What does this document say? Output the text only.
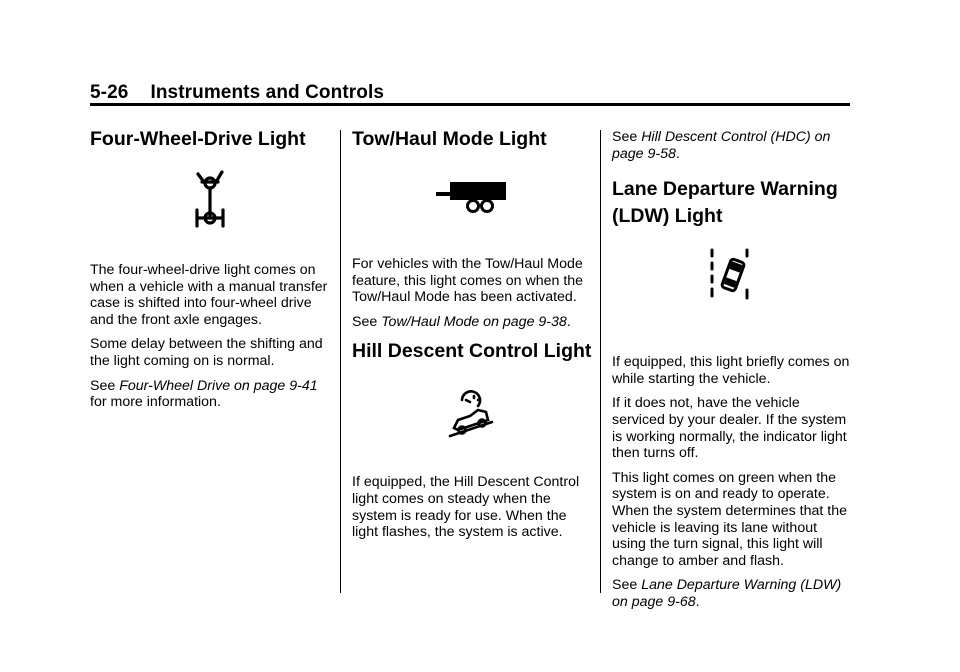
5-26 Instruments and Controls
Four-Wheel-Drive Light

The four-wheel-drive light comes on when a vehicle with a manual transfer case is shifted into four-wheel drive and the front axle engages.

Some delay between the shifting and the light coming on is normal.

See Four-Wheel Drive on page 9-41 for more information.

Tow/Haul Mode Light

For vehicles with the Tow/Haul Mode feature, this light comes on when the Tow/Haul Mode has been activated.

See Tow/Haul Mode on page 9-38.

Hill Descent Control Light

If equipped, the Hill Descent Control light comes on steady when the system is ready for use. When the light flashes, the system is active.

See Hill Descent Control (HDC) on page 9-58.

Lane Departure Warning (LDW) Light

If equipped, this light briefly comes on while starting the vehicle.

If it does not, have the vehicle serviced by your dealer. If the system is working normally, the indicator light then turns off.

This light comes on green when the system is on and ready to operate. When the system determines that the vehicle is leaving its lane without using the turn signal, this light will change to amber and flash.

See Lane Departure Warning (LDW) on page 9-68.
